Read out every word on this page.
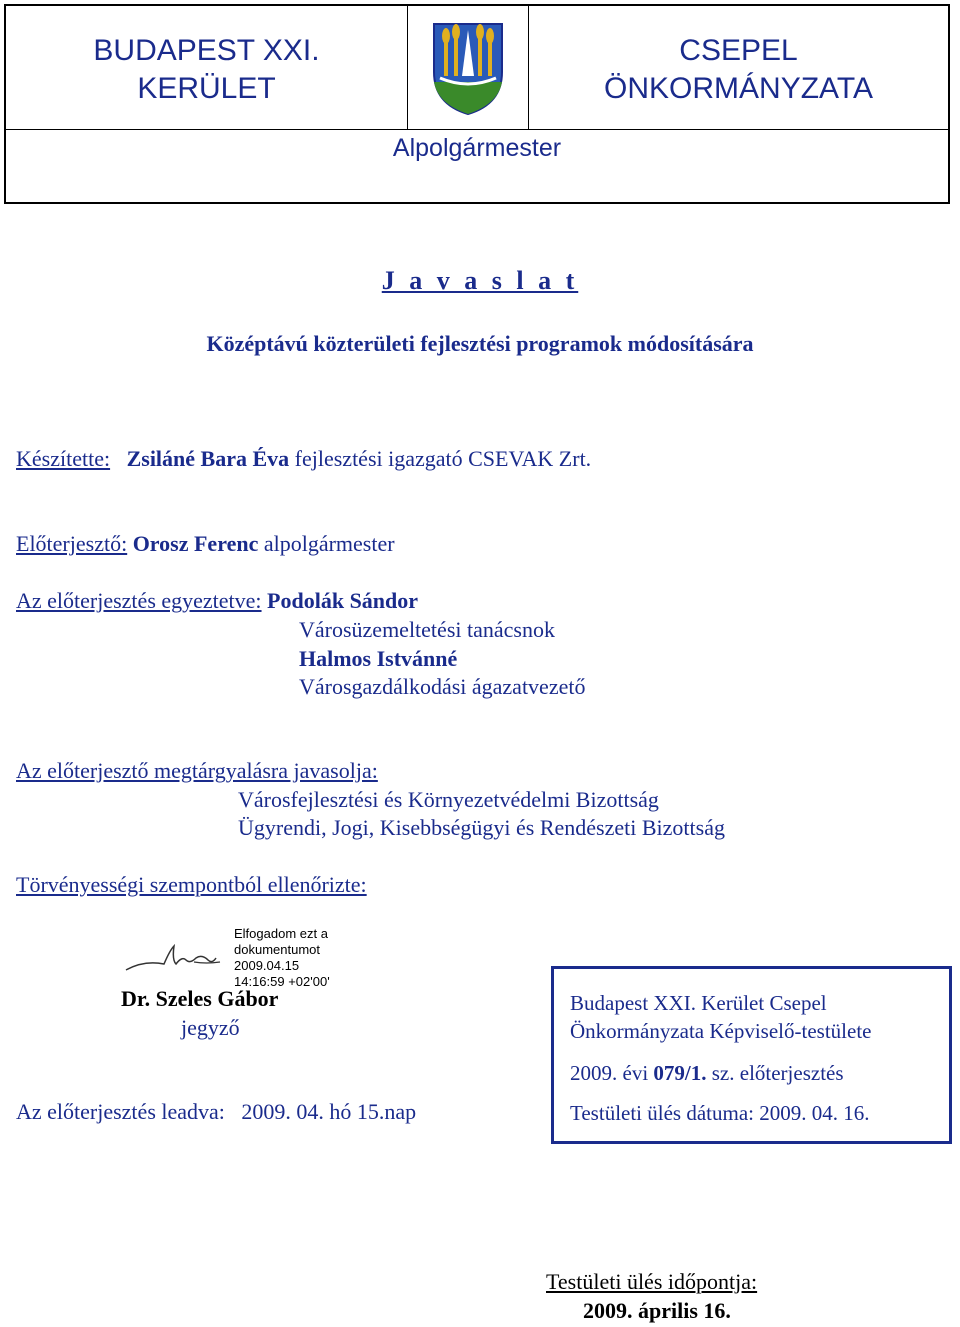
BUDAPEST XXI.
KERÜLET
CSEPEL
ÖNKORMÁNYZATA
Alpolgármester
J a v a s l a t
Középtávú közterületi fejlesztési programok módosítására
Készítette: Zsiláné Bara Éva fejlesztési igazgató CSEVAK Zrt.
Előterjesztő: Orosz Ferenc alpolgármester
Az előterjesztés egyeztetve: Podolák Sándor
Városüzemeltetési tanácsnok
Halmos Istvánné
Városgazdálkodási ágazatvezető
Az előterjesztő megtárgyalásra javasolja:
Városfejlesztési és Környezetvédelmi Bizottság
Ügyrendi, Jogi, Kisebbségügyi és Rendészeti Bizottság
Törvényességi szempontból ellenőrizte:
Elfogadom ezt a
dokumentumot
2009.04.15
14:16:59 +02'00'
Dr. Szeles Gábor
jegyző
Az előterjesztés leadva: 2009. 04. hó 15.nap
Budapest XXI. Kerület Csepel
Önkormányzata Képviselő-testülete
2009. évi 079/1. sz. előterjesztés
Testületi ülés dátuma: 2009. 04. 16.
Testületi ülés időpontja:
2009. április 16.
